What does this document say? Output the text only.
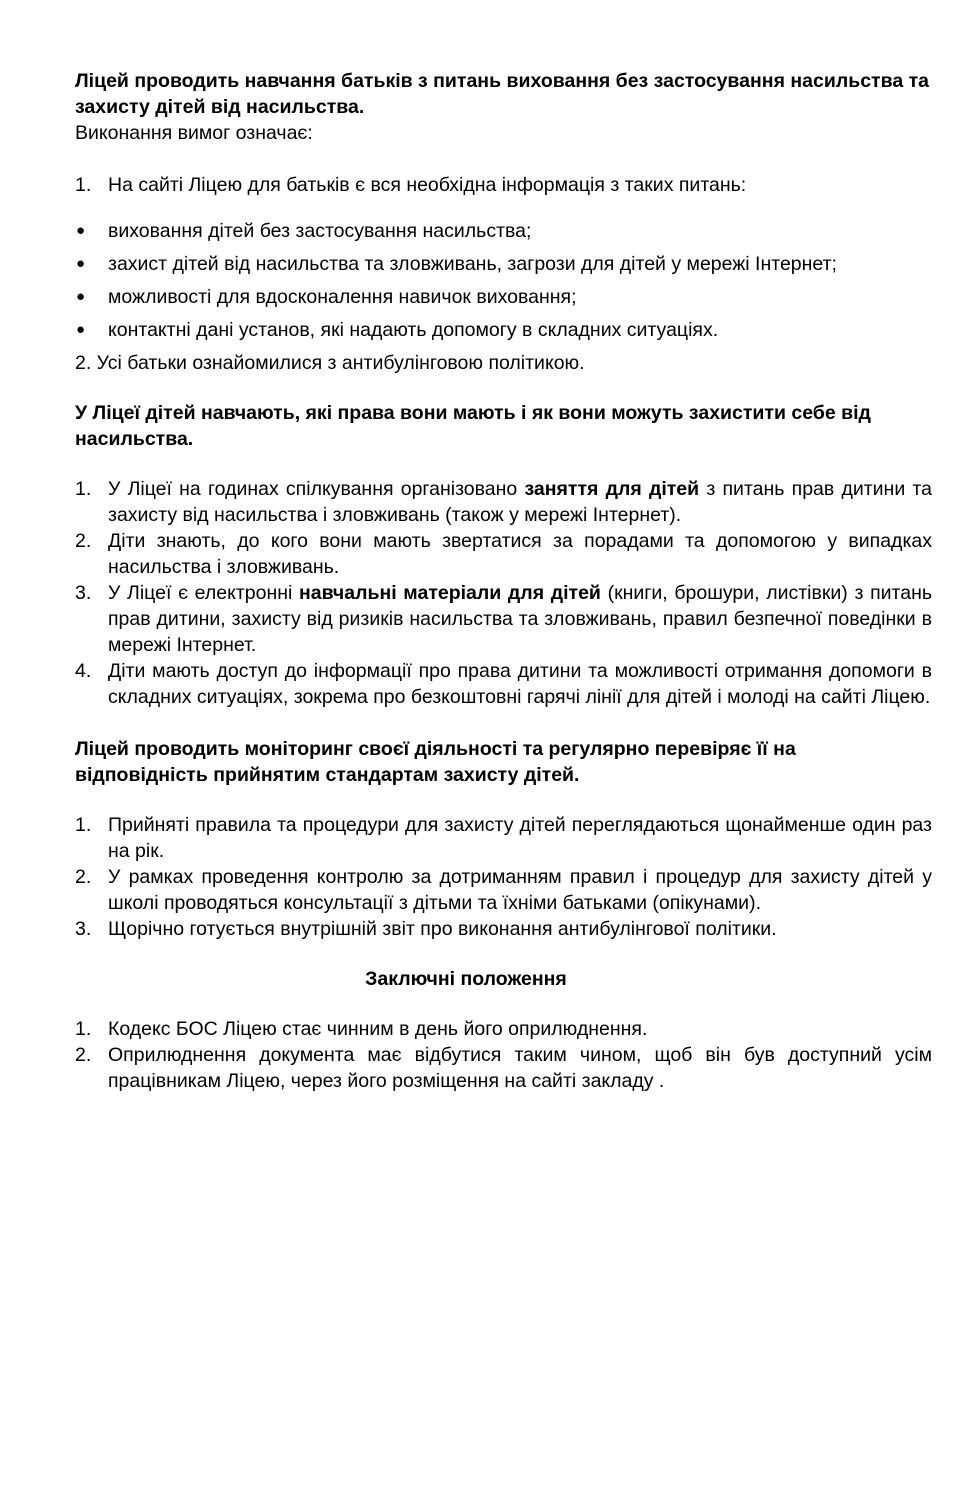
Ліцей проводить навчання батьків з питань виховання без застосування насильства та захисту дітей від насильства.

Виконання вимог означає:

1. На сайті Ліцею для батьків є вся необхідна інформація з таких питань:
●	виховання дітей без застосування насильства;
●	захист дітей від насильства та зловживань, загрози для дітей у мережі Інтернет;
●	можливості для вдосконалення навичок виховання;
●	контактні дані установ, які надають допомогу в складних ситуаціях.

2. Усі батьки ознайомилися з антибулінговою політикою.

У Ліцеї дітей навчають, які права вони мають і як вони можуть захистити себе від насильства.

1. У Ліцеї на годинах спілкування організовано заняття для дітей з питань прав дитини та захисту від насильства і зловживань (також у мережі Інтернет).
2. Діти знають, до кого вони мають звертатися за порадами та допомогою у випадках насильства і зловживань.
3. У Ліцеї є електронні навчальні матеріали для дітей (книги, брошури, листівки) з питань прав дитини, захисту від ризиків насильства та зловживань, правил безпечної поведінки в мережі Інтернет.
4. Діти мають доступ до інформації про права дитини та можливості отримання допомоги в складних ситуаціях, зокрема про безкоштовні гарячі лінії для дітей і молоді на сайті Ліцею.

Ліцей проводить моніторинг своєї діяльності та регулярно перевіряє її на відповідність прийнятим стандартам захисту дітей.

1. Прийняті правила та процедури для захисту дітей переглядаються щонайменше один раз на рік.
2. У рамках проведення контролю за дотриманням правил і процедур для захисту дітей у школі проводяться консультації з дітьми та їхніми батьками (опікунами).
3. Щорічно готується внутрішній звіт про виконання антибулінгової політики.

Заключні положення

1. Кодекс БОС Ліцею стає чинним в день його оприлюднення.
2. Оприлюднення документа має відбутися таким чином, щоб він був доступний усім працівникам Ліцею, через його розміщення на сайті закладу .
